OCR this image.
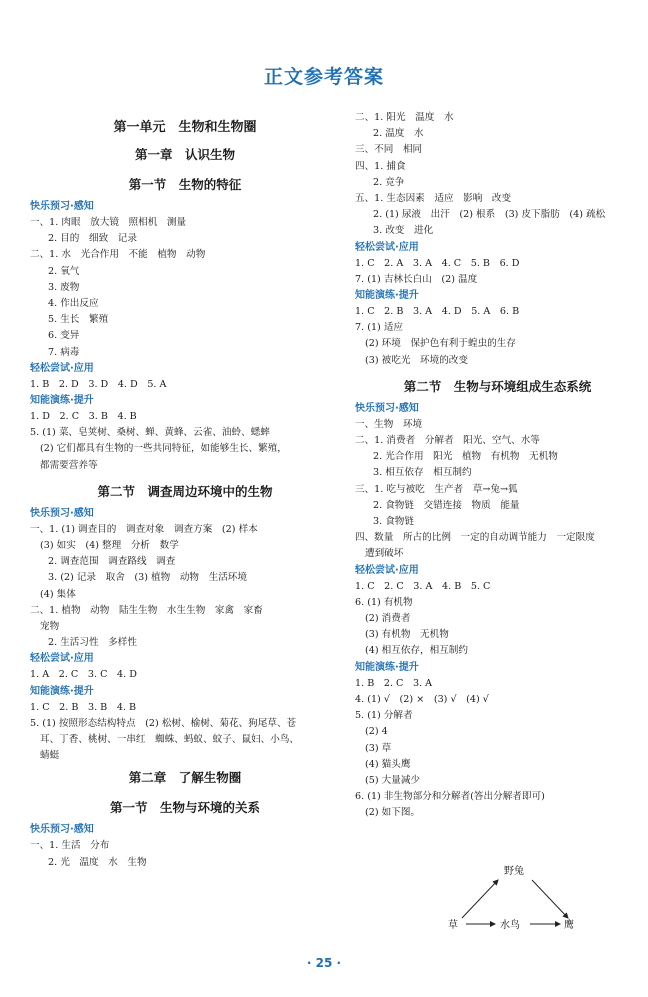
正文参考答案
第一单元　生物和生物圈
第一章　认识生物
第一节　生物的特征
快乐预习·感知
一、1. 肉眼　放大镜　照相机　测量
2. 目的　细致　记录
二、1. 水　光合作用　不能　植物　动物
2. 氧气
3. 废物
4. 作出反应
5. 生长　繁殖
6. 变异
7. 病毒
轻松尝试·应用
1. B　2. D　3. D　4. D　5. A
知能演练·提升
1. D　2. C　3. B　4. B
5. (1) 菜、皂荚树、桑树、蝉、黄蜂、云雀、油蛉、蟋蟀
(2) 它们都具有生物的一些共同特征，如能够生长、繁殖，
都需要营养等
第二节　调查周边环境中的生物
快乐预习·感知
一、1. (1) 调查目的　调查对象　调查方案　(2) 样本
(3) 如实　(4) 整理　分析　数学
2. 调查范围　调查路线　调查
3. (2) 记录　取舍　(3) 植物　动物　生活环境
(4) 集体
二、1. 植物　动物　陆生生物　水生生物　家禽　家畜
宠物
2. 生活习性　多样性
轻松尝试·应用
1. A　2. C　3. C　4. D
知能演练·提升
1. C　2. B　3. B　4. B
5. (1) 按照形态结构特点　(2) 松树、榆树、菊花、狗尾草、苍
耳、丁香、桃树、一串红　蜘蛛、蚂蚁、蚊子、鼠妇、小鸟、
蜻蜓
第二章　了解生物圈
第一节　生物与环境的关系
快乐预习·感知
一、1. 生活　分布
2. 光　温度　水　生物
二、1. 阳光　温度　水
2. 温度　水
三、不同　相同
四、1. 捕食
2. 竞争
五、1. 生态因素　适应　影响　改变
2. (1) 尿液　出汗　(2) 根系　(3) 皮下脂肪　(4) 疏松
3. 改变　进化
轻松尝试·应用
1. C　2. A　3. A　4. C　5. B　6. D
7. (1) 吉林长白山　(2) 温度
知能演练·提升
1. C　2. B　3. A　4. D　5. A　6. B
7. (1) 适应
(2) 环境　保护色有利于蝗虫的生存
(3) 被吃光　环境的改变
第二节　生物与环境组成生态系统
快乐预习·感知
一、生物　环境
二、1. 消费者　分解者　阳光、空气、水等
2. 光合作用　阳光　植物　有机物　无机物
3. 相互依存　相互制约
三、1. 吃与被吃　生产者　草→兔→狐
2. 食物链　交错连接　物质　能量
3. 食物链
四、数量　所占的比例　一定的自动调节能力　一定限度
遭到破坏
轻松尝试·应用
1. C　2. C　3. A　4. B　5. C
6. (1) 有机物
(2) 消费者
(3) 有机物　无机物
(4) 相互依存，相互制约
知能演练·提升
1. B　2. C　3. A
4. (1) √　(2) ×　(3) √　(4) √
5. (1) 分解者
(2) 4
(3) 草
(4) 猫头鹰
(5) 大量减少
6. (1) 非生物部分和分解者(答出分解者即可)
(2) 如下图。
野兔
草	水鸟	鹰
· 25 ·
